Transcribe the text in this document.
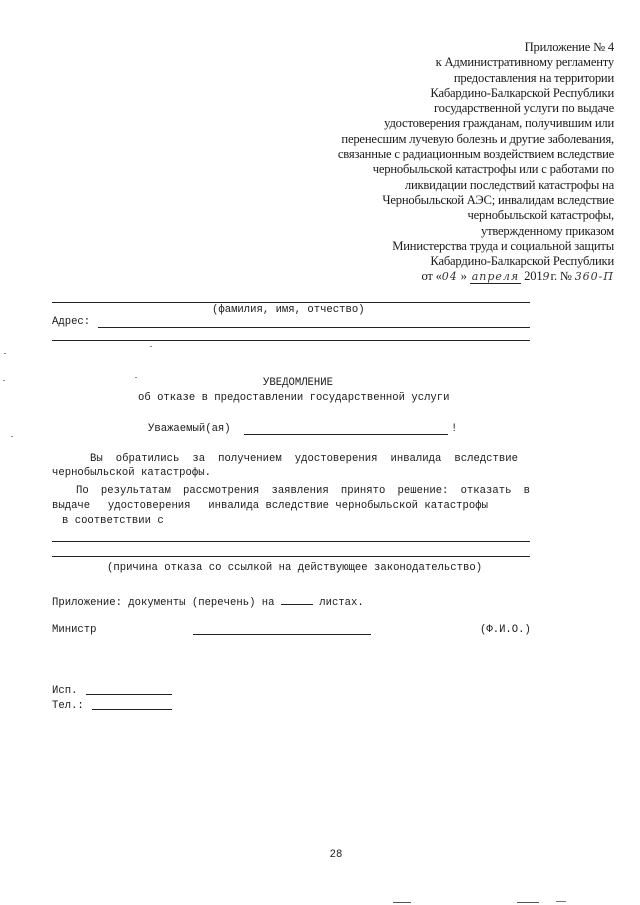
Приложение № 4
к Административному регламенту
предоставления на территории
Кабардино-Балкарской Республики
государственной услуги по выдаче
удостоверения гражданам, получившим или
перенесшим лучевую болезнь и другие заболевания,
связанные с радиационным воздействием вследствие
чернобыльской катастрофы или с работами по
ликвидации последствий катастрофы на
Чернобыльской АЭС; инвалидам вследствие
чернобыльской катастрофы,
утвержденному приказом
Министерства труда и социальной защиты
Кабардино-Балкарской Республики
от «04 » апреля 2019г. № 360-П
(фамилия, имя, отчество)
Адрес:
УВЕДОМЛЕНИЕ
об отказе в предоставлении государственной услуги
Уважаемый(ая)	!
Вы обратились за получением удостоверения инвалида вследствие
чернобыльской катастрофы.
По результатам рассмотрения заявления принято решение: отказать в
выдаче удостоверения инвалида вследствие чернобыльской катастрофы
в соответствии с
(причина отказа со ссылкой на действующее законодательство)
Приложение: документы (перечень) на	листах.
Министр	(Ф.И.О.)
Исп.
Тел.:
28
